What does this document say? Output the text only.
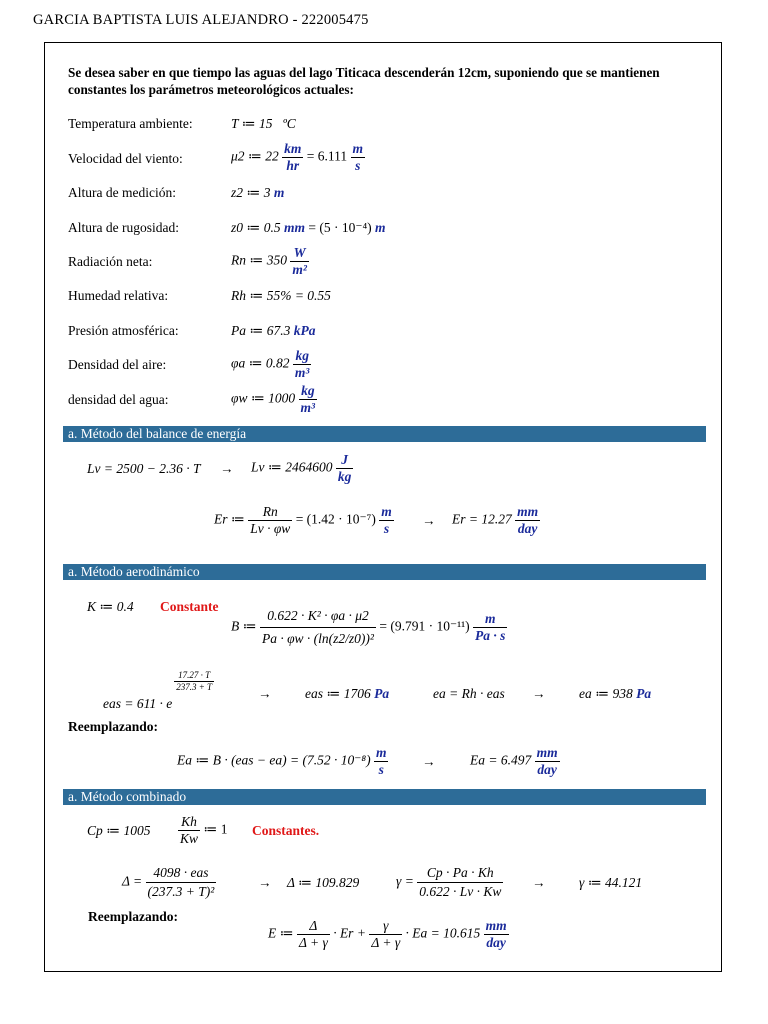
GARCIA BAPTISTA LUIS ALEJANDRO - 222005475
Se desea saber en que tiempo las aguas del lago Titicaca descenderán 12cm, suponiendo que se mantienen constantes los parámetros meteorológicos actuales:
Temperatura ambiente:	T ≔ 15 ºC
Velocidad del viento:	μ2 ≔ $22 \frac{km}{hr} = 6.111 \frac{m}{s}$
Altura de medición:	z2 ≔ 3 m
Altura de rugosidad:	z0 ≔ 0.5 mm = (5 · 10⁻⁴) m
Radiación neta:	Rn ≔ $350 \frac{W}{\text{m²}}$
Humedad relativa:	Rh ≔ 55% = 0.55
Presión atmosférica:	Pa ≔ 67.3 kPa
Densidad del aire:	φa ≔ $0.82 \frac{kg}{\text{m³}}$
densidad del agua:	φw ≔ $1000 \frac{kg}{\text{m³}}$
a. Método del balance de energía
Lv = 2500 − 2.36 · T → Lv ≔ $2464600 \frac{J}{kg}$
Er ≔ $\frac{Rn}{Lv \cdot \varphi w} = (1.42 \cdot 10^{-7}) \frac{m}{s} \to Er = 12.27 \frac{mm}{\text{day}}$
a. Método aerodinámico
K ≔ 0.4 Constante
B ≔ $\frac{\text{0.622 · K² · φa · μ2}}{\text{Pa · φw · (ln(z2/z0))²}} = (9.791 \cdot 10^{-11}) \frac{m}{Pa \cdot s}$
eas = 611 · e
$\frac{17.27 \cdot T}{237.3 + T}$
→ eas ≔ 1706 Pa	ea = Rh · eas → ea ≔ 938 Pa
Reemplazando:
Ea ≔ $B \cdot (eas - ea) = (7.52 \cdot 10^{-8}) \frac{m}{s}$ →	$Ea = 6.497 \frac{mm}{\text{day}}$
a. Método combinado
Cp ≔ $1005 \frac{Kh}{Kw}$ ≔ 1 Constantes.
$\Delta = \frac{\text{4098 · eas}}{\text{(237.3 + T)²}}$	→ Δ ≔ 109.829	$\gamma = \frac{Cp \cdot Pa \cdot Kh}{0.622 \cdot Lv \cdot Kw} \to \gamma$ ≔ 44.121
Reemplazando:
E ≔ $\frac{\Delta}{\Delta + \gamma} \cdot Er + \frac{\gamma}{\Delta + \gamma} \cdot Ea = 10.615 \frac{mm}{\text{day}}$
